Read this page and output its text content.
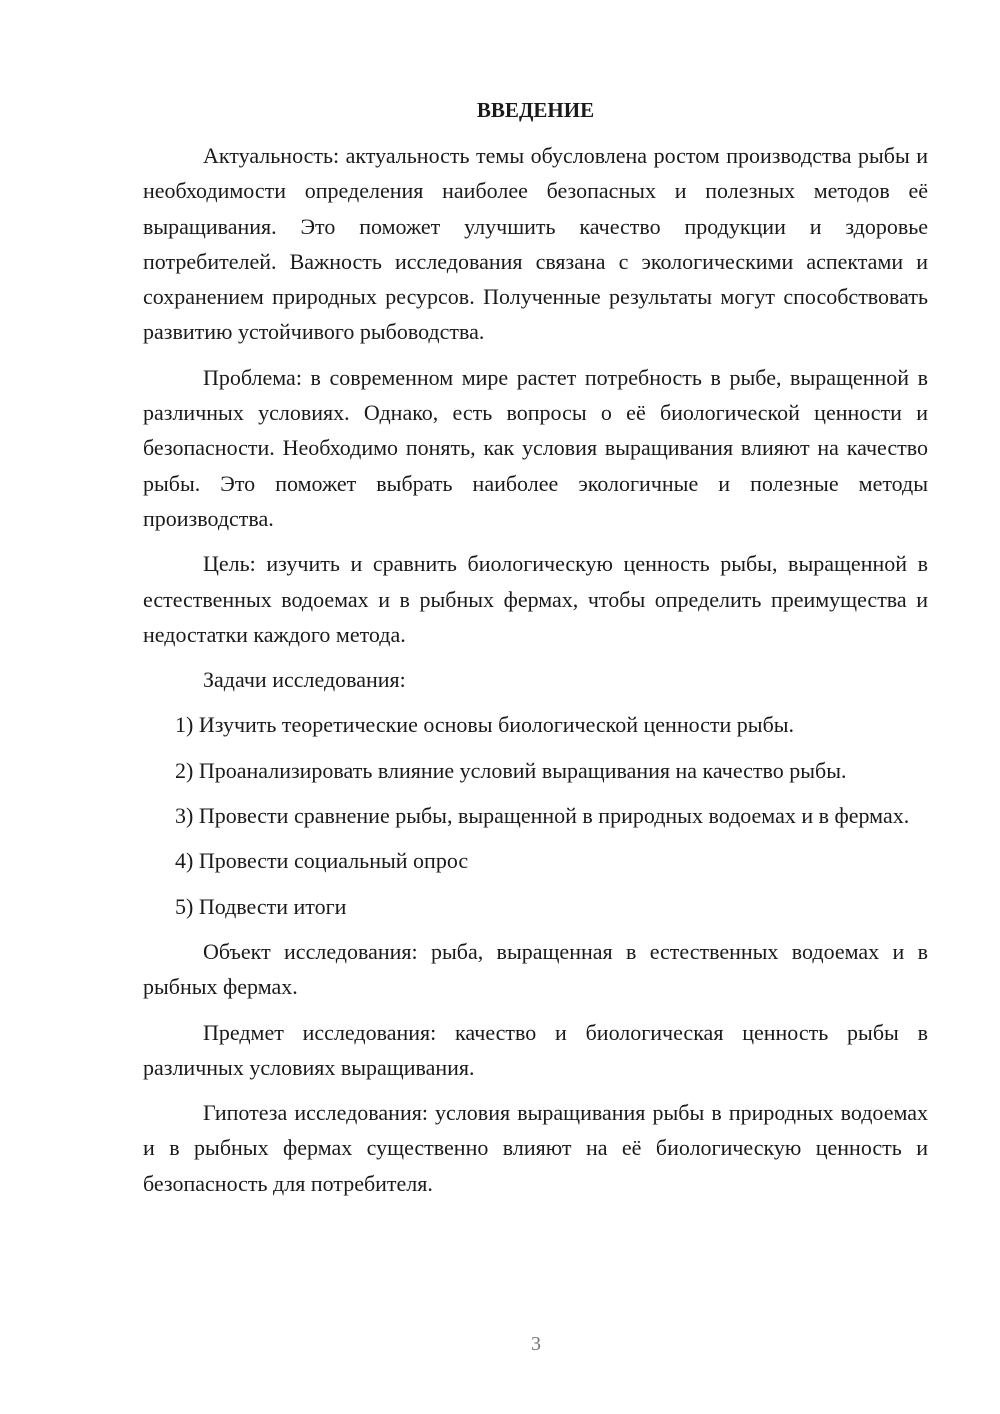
ВВЕДЕНИЕ

Актуальность: актуальность темы обусловлена ростом производства рыбы и необходимости определения наиболее безопасных и полезных методов её выращивания. Это поможет улучшить качество продукции и здоровье потребителей. Важность исследования связана с экологическими аспектами и сохранением природных ресурсов. Полученные результаты могут способствовать развитию устойчивого рыбоводства.

Проблема: в современном мире растет потребность в рыбе, выращенной в различных условиях. Однако, есть вопросы о её биологической ценности и безопасности. Необходимо понять, как условия выращивания влияют на качество рыбы. Это поможет выбрать наиболее экологичные и полезные методы производства.

Цель: изучить и сравнить биологическую ценность рыбы, выращенной в естественных водоемах и в рыбных фермах, чтобы определить преимущества и недостатки каждого метода.

Задачи исследования:

1) Изучить теоретические основы биологической ценности рыбы.

2) Проанализировать влияние условий выращивания на качество рыбы.

3) Провести сравнение рыбы, выращенной в природных водоемах и в фермах.

4) Провести социальный опрос

5) Подвести итоги

Объект исследования: рыба, выращенная в естественных водоемах и в рыбных фермах.

Предмет исследования: качество и биологическая ценность рыбы в различных условиях выращивания.

Гипотеза исследования: условия выращивания рыбы в природных водоемах и в рыбных фермах существенно влияют на её биологическую ценность и безопасность для потребителя.

3
